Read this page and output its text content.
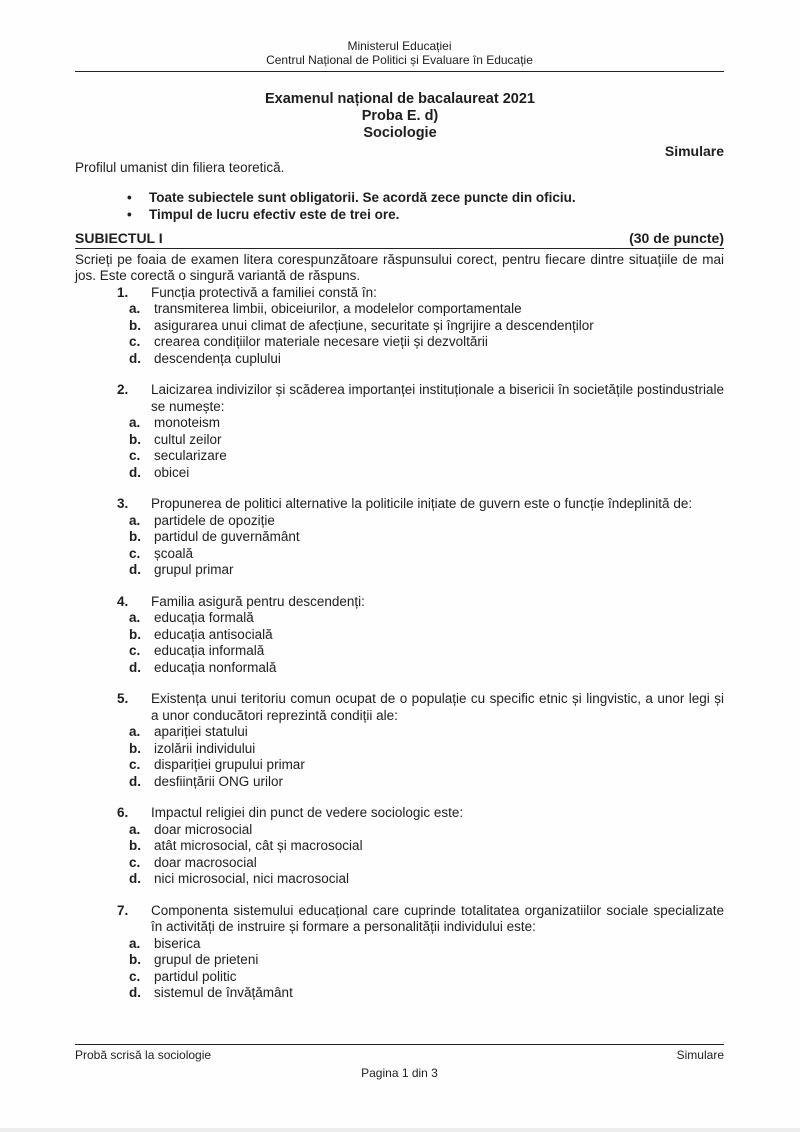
Ministerul Educației
Centrul Național de Politici și Evaluare în Educație
Examenul național de bacalaureat 2021
Proba E. d)
Sociologie
Simulare
Profilul umanist din filiera teoretică.
•
Toate subiectele sunt obligatorii. Se acordă zece puncte din oficiu.
•
Timpul de lucru efectiv este de trei ore.
SUBIECTUL I	(30 de puncte)
Scrieți pe foaia de examen litera corespunzătoare răspunsului corect, pentru fiecare dintre situațiile de mai jos. Este corectă o singură variantă de răspuns.
1.	Funcția protectivă a familiei constă în:
a.	transmiterea limbii, obiceiurilor, a modelelor comportamentale
b. asigurarea unui climat de afecțiune, securitate și îngrijire a descendenților
c.	crearea condițiilor materiale necesare vieții și dezvoltării
d. descendența cuplului
2.	Laicizarea indivizilor și scăderea importanței instituționale a bisericii în societățile postindustriale se numește:
a.	monoteism
b. cultul zeilor
c.	secularizare
d. obicei
3.	Propunerea de politici alternative la politicile inițiate de guvern este o funcție îndeplinită de:
a.	partidele de opoziție
b. partidul de guvernământ
c.	școală
d. grupul primar
4.	Familia asigură pentru descendenți:
a.	educația formală
b. educația antisocială
c.	educația informală
d. educația nonformală
5.	Existența unui teritoriu comun ocupat de o populație cu specific etnic și lingvistic, a unor legi și a unor conducători reprezintă condiții ale:
a.	apariției statului
b. izolării individului
c.	dispariției grupului primar
d. desființării ONG urilor
6.	Impactul religiei din punct de vedere sociologic este:
a.	doar microsocial
b. atât microsocial, cât și macrosocial
c.	doar macrosocial
d. nici microsocial, nici macrosocial
7.	Componenta sistemului educațional care cuprinde totalitatea organizatiilor sociale specializate în activități de instruire și formare a personalității individului este:
a.	biserica
b. grupul de prieteni
c.	partidul politic
d. sistemul de învățământ
Probă scrisă la sociologie	Simulare
Pagina 1 din 3
